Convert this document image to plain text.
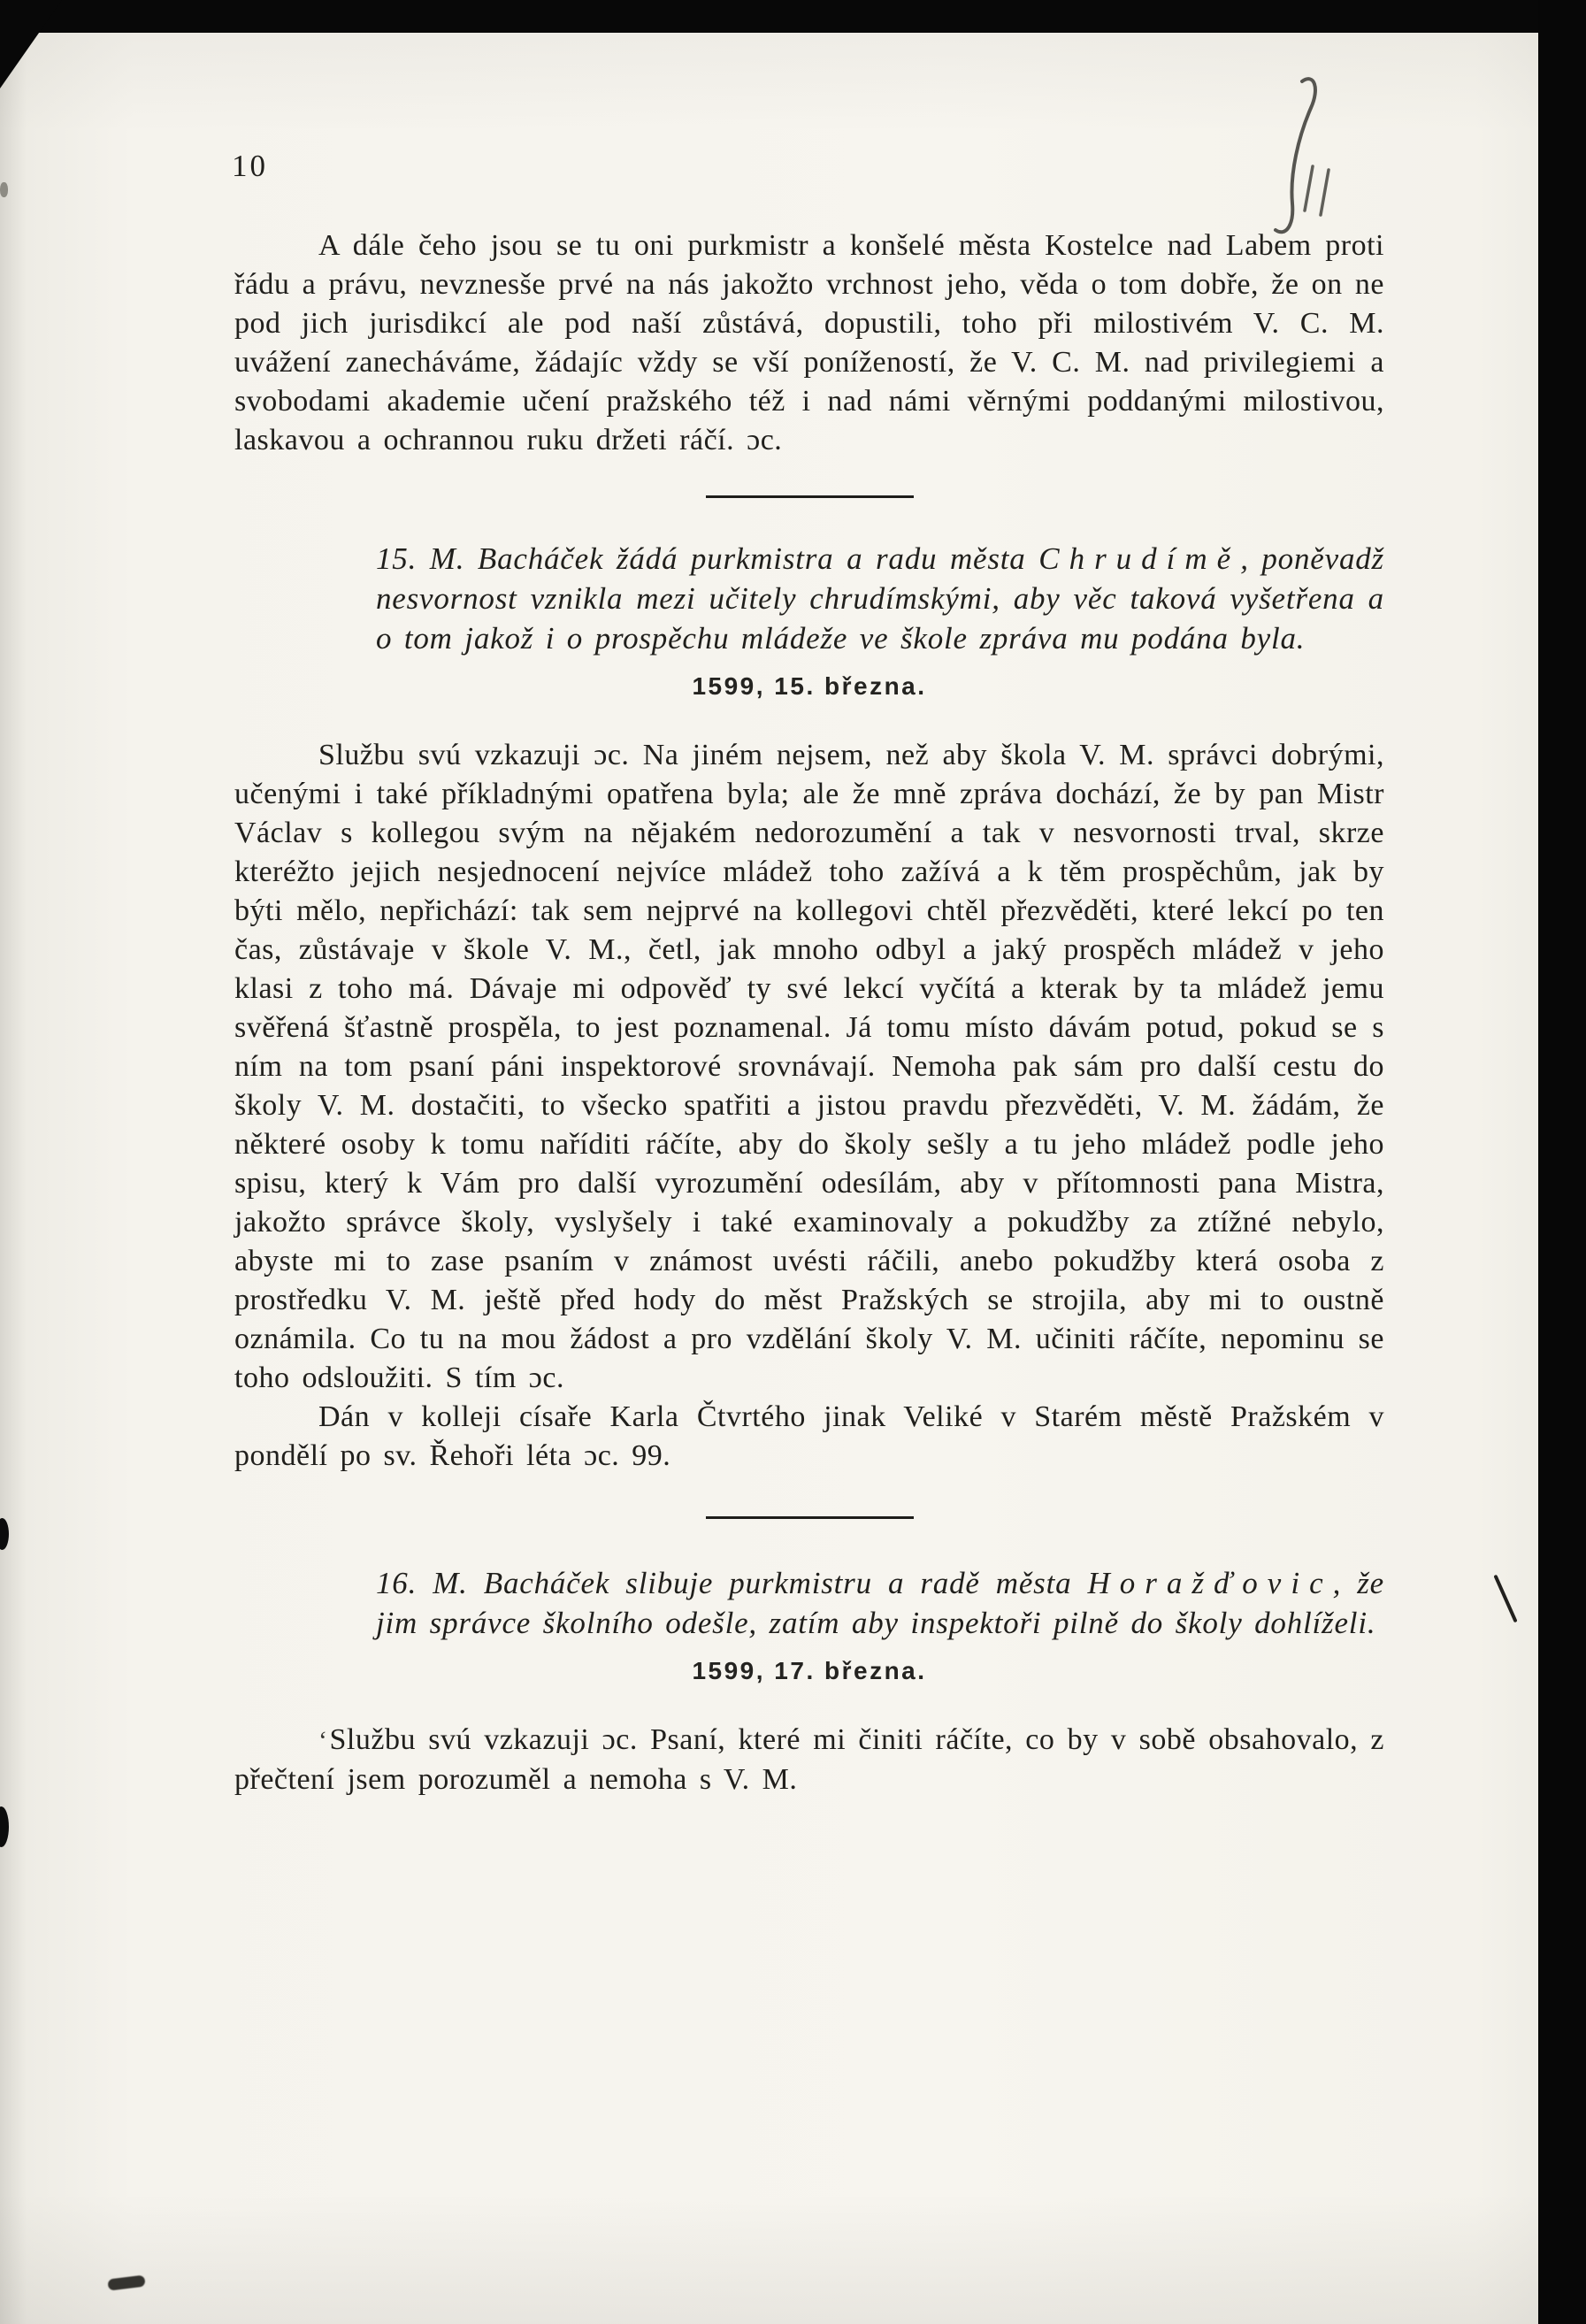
10

A dále čeho jsou se tu oni purkmistr a konšelé města Kostelce nad Labem proti řádu a právu, nevznesše prvé na nás jakožto vrchnost jeho, věda o tom dobře, že on ne pod jich jurisdikcí ale pod naší zůstává, dopustili, toho při milostivém V. C. M. uvážení zanecháváme, žádajíc vždy se vší ponížeností, že V. C. M. nad privilegiemi a svobodami akademie učení pražského též i nad námi věrnými poddanými milostivou, laskavou a ochrannou ruku držeti ráčí. ɔc.

15. M. Bacháček žádá purkmistra a radu města Chrudímě, poněvadž nesvornost vznikla mezi učitely chrudímskými, aby věc taková vyšetřena a o tom jakož i o prospěchu mládeže ve škole zpráva mu podána byla.

1599, 15. března.

Službu svú vzkazuji ɔc. Na jiném nejsem, než aby škola V. M. správci dobrými, učenými i také příkladnými opatřena byla; ale že mně zpráva dochází, že by pan Mistr Václav s kollegou svým na nějakém nedorozumění a tak v nesvornosti trval, skrze kteréžto jejich nesjednocení nejvíce mládež toho zažívá a k těm prospěchům, jak by býti mělo, nepřichází: tak sem nejprvé na kollegovi chtěl přezvěděti, které lekcí po ten čas, zůstávaje v škole V. M., četl, jak mnoho odbyl a jaký prospěch mládež v jeho klasi z toho má. Dávaje mi odpověď ty své lekcí vyčítá a kterak by ta mládež jemu svěřená šťastně prospěla, to jest poznamenal. Já tomu místo dávám potud, pokud se s ním na tom psaní páni inspektorové srovnávají. Nemoha pak sám pro další cestu do školy V. M. dostačiti, to všecko spatřiti a jistou pravdu přezvěděti, V. M. žádám, že některé osoby k tomu naříditi ráčíte, aby do školy sešly a tu jeho mládež podle jeho spisu, který k Vám pro další vyrozumění odesílám, aby v přítomnosti pana Mistra, jakožto správce školy, vyslyšely i také examinovaly a pokudžby za ztížné nebylo, abyste mi to zase psaním v známost uvésti ráčili, anebo pokudžby která osoba z prostředku V. M. ještě před hody do měst Pražských se strojila, aby mi to oustně oznámila. Co tu na mou žádost a pro vzdělání školy V. M. učiniti ráčíte, nepominu se toho odsloužiti. S tím ɔc.

Dán v kolleji císaře Karla Čtvrtého jinak Veliké v Starém městě Pražském v pondělí po sv. Řehoři léta ɔc. 99.

16. M. Bacháček slibuje purkmistru a radě města Horažďovic, že jim správce školního odešle, zatím aby inspektoři pilně do školy dohlíželi.

1599, 17. března.

‘ Službu svú vzkazuji ɔc. Psaní, které mi činiti ráčíte, co by v sobě obsahovalo, z přečtení jsem porozuměl a nemoha s V. M.
